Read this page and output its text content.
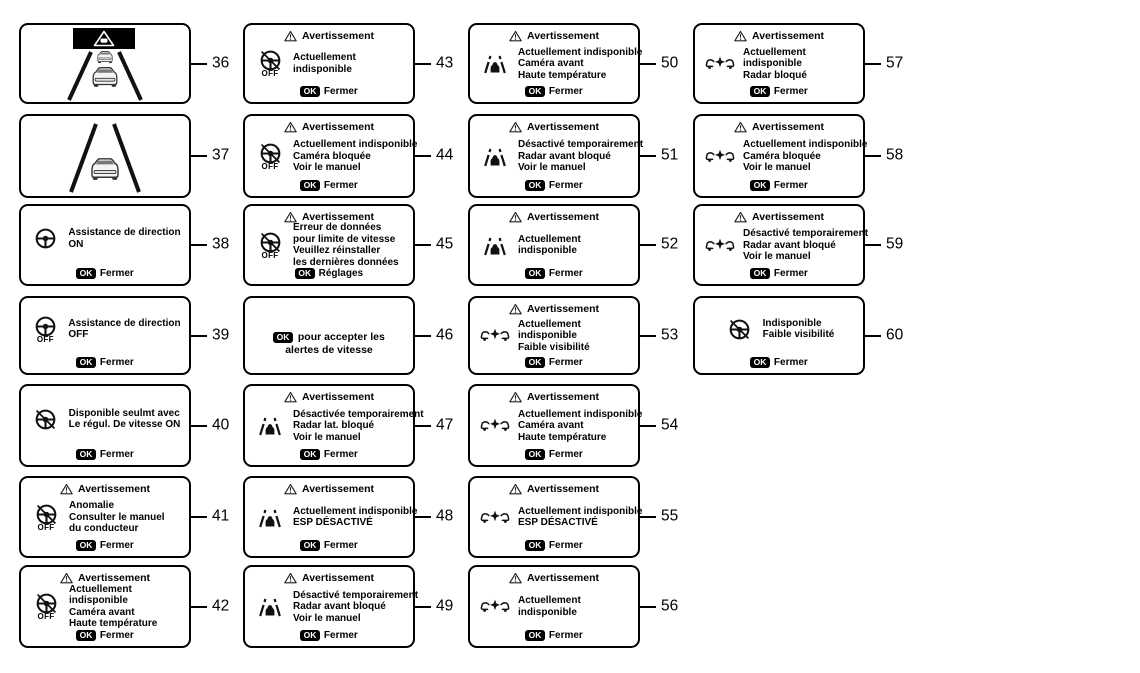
36
37
Assistance de direction
ON
OK Fermer
38
OFF
Assistance de direction
OFF
OK Fermer
39
Disponible seulmt avec
Le régul. De vitesse ON
OK Fermer
40
Avertissement
OFF
Anomalie
Consulter le manuel
du conducteur
OK Fermer
41
Avertissement
OFF
Actuellement
indisponible
Caméra avant
Haute température
OK Fermer
42
Avertissement
OFF
Actuellement
indisponible
OK Fermer
43
Avertissement
OFF
Actuellement indisponible
Caméra bloquée
Voir le manuel
OK Fermer
44
Avertissement
OFF
Erreur de données
pour limite de vitesse
Veuillez réinstaller
les dernières données
OK Réglages
45
OK pour accepter les
alertes de vitesse
46
Avertissement
Désactivée temporairement
Radar lat. bloqué
Voir le manuel
OK Fermer
47
Avertissement
Actuellement indisponible
ESP DÉSACTIVÉ
OK Fermer
48
Avertissement
Désactivé temporairement
Radar avant bloqué
Voir le manuel
OK Fermer
49
Avertissement
Actuellement indisponible
Caméra avant
Haute température
OK Fermer
50
Avertissement
Désactivé temporairement
Radar avant bloqué
Voir le manuel
OK Fermer
51
Avertissement
Actuellement
indisponible
OK Fermer
52
Avertissement
Actuellement
indisponible
Faible visibilité
OK Fermer
53
Avertissement
Actuellement indisponible
Caméra avant
Haute température
OK Fermer
54
Avertissement
Actuellement indisponible
ESP DÉSACTIVÉ
OK Fermer
55
Avertissement
Actuellement
indisponible
OK Fermer
56
Avertissement
Actuellement
indisponible
Radar bloqué
OK Fermer
57
Avertissement
Actuellement indisponible
Caméra bloquée
Voir le manuel
OK Fermer
58
Avertissement
Désactivé temporairement
Radar avant bloqué
Voir le manuel
OK Fermer
59
Indisponible
Faible visibilité
OK Fermer
60
